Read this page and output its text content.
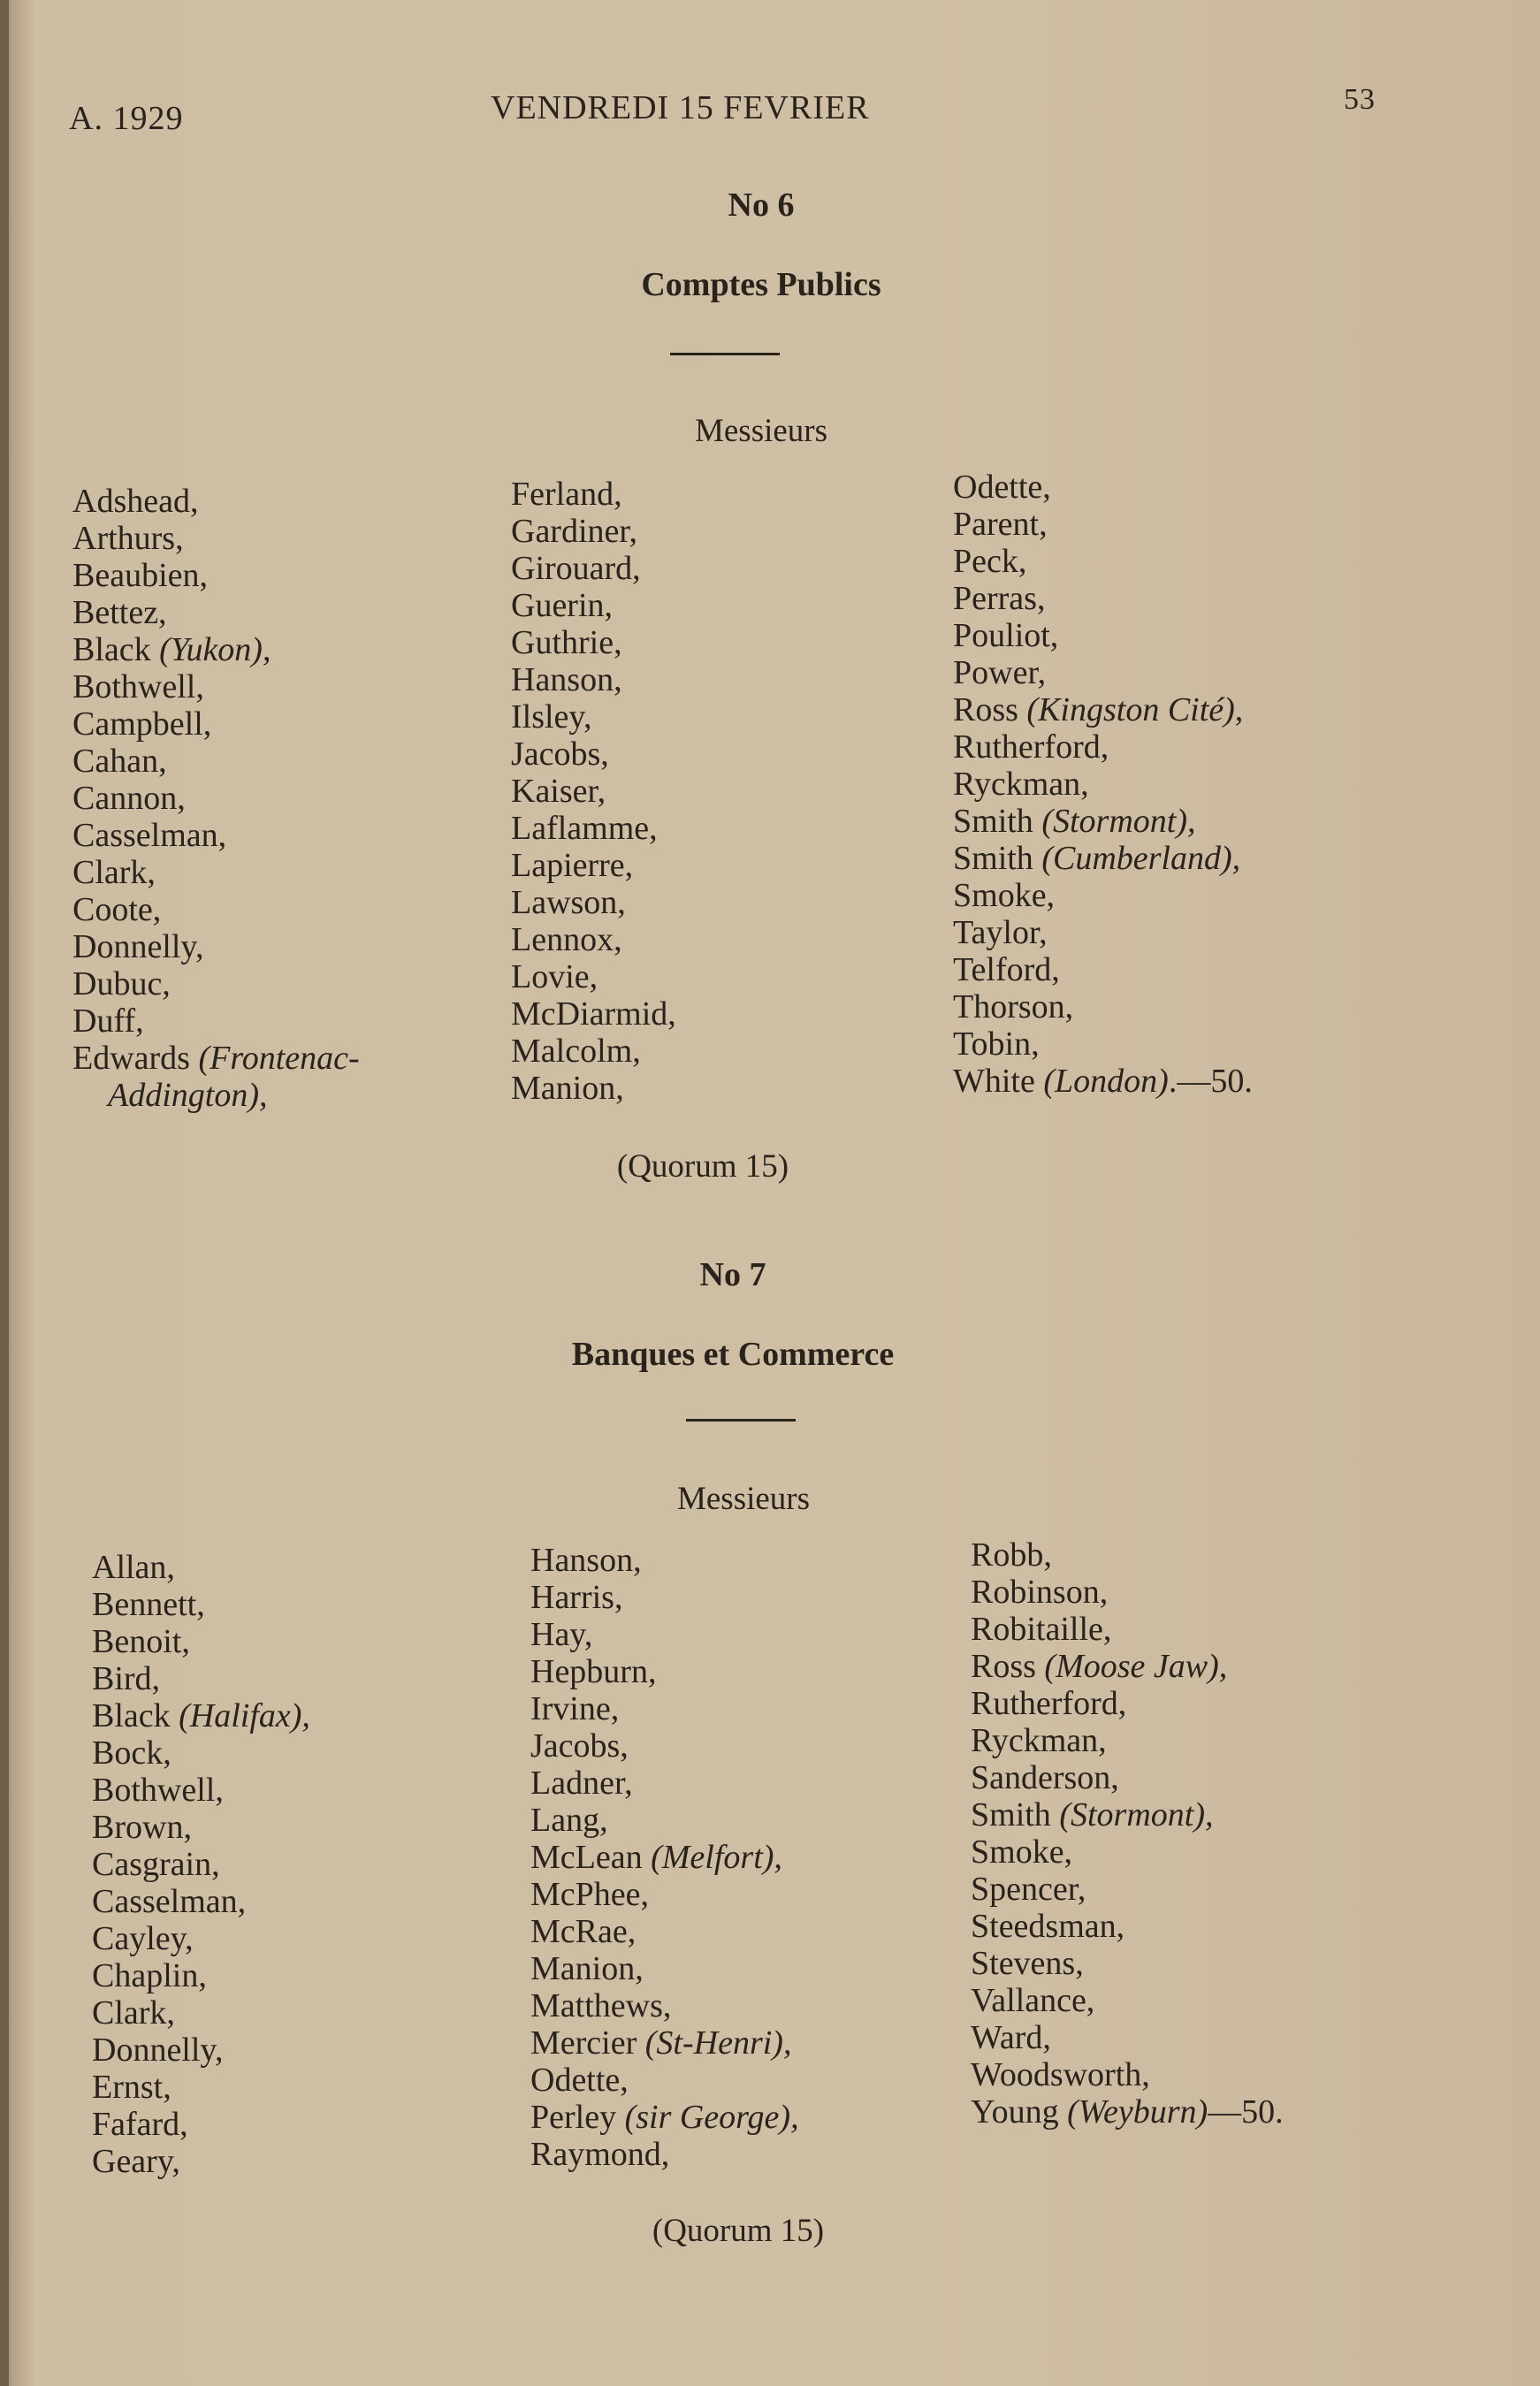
A. 1929	VENDREDI 15 FEVRIER	53
No 6
Comptes Publics
Messieurs
Adshead,
Arthurs,
Beaubien,
Bettez,
Black (Yukon),
Bothwell,
Campbell,
Cahan,
Cannon,
Casselman,
Clark,
Coote,
Donnelly,
Dubuc,
Duff,
Edwards (Frontenac-
Addington),
Ferland,
Gardiner,
Girouard,
Guerin,
Guthrie,
Hanson,
Ilsley,
Jacobs,
Kaiser,
Laflamme,
Lapierre,
Lawson,
Lennox,
Lovie,
McDiarmid,
Malcolm,
Manion,
Odette,
Parent,
Peck,
Perras,
Pouliot,
Power,
Ross (Kingston Cité),
Rutherford,
Ryckman,
Smith (Stormont),
Smith (Cumberland),
Smoke,
Taylor,
Telford,
Thorson,
Tobin,
White (London).—50.
(Quorum 15)
No 7
Banques et Commerce
Messieurs
Allan,
Bennett,
Benoit,
Bird,
Black (Halifax),
Bock,
Bothwell,
Brown,
Casgrain,
Casselman,
Cayley,
Chaplin,
Clark,
Donnelly,
Ernst,
Fafard,
Geary,
Hanson,
Harris,
Hay,
Hepburn,
Irvine,
Jacobs,
Ladner,
Lang,
McLean (Melfort),
McPhee,
McRae,
Manion,
Matthews,
Mercier (St-Henri),
Odette,
Perley (sir George),
Raymond,
Robb,
Robinson,
Robitaille,
Ross (Moose Jaw),
Rutherford,
Ryckman,
Sanderson,
Smith (Stormont),
Smoke,
Spencer,
Steedsman,
Stevens,
Vallance,
Ward,
Woodsworth,
Young (Weyburn)—50.
(Quorum 15)
